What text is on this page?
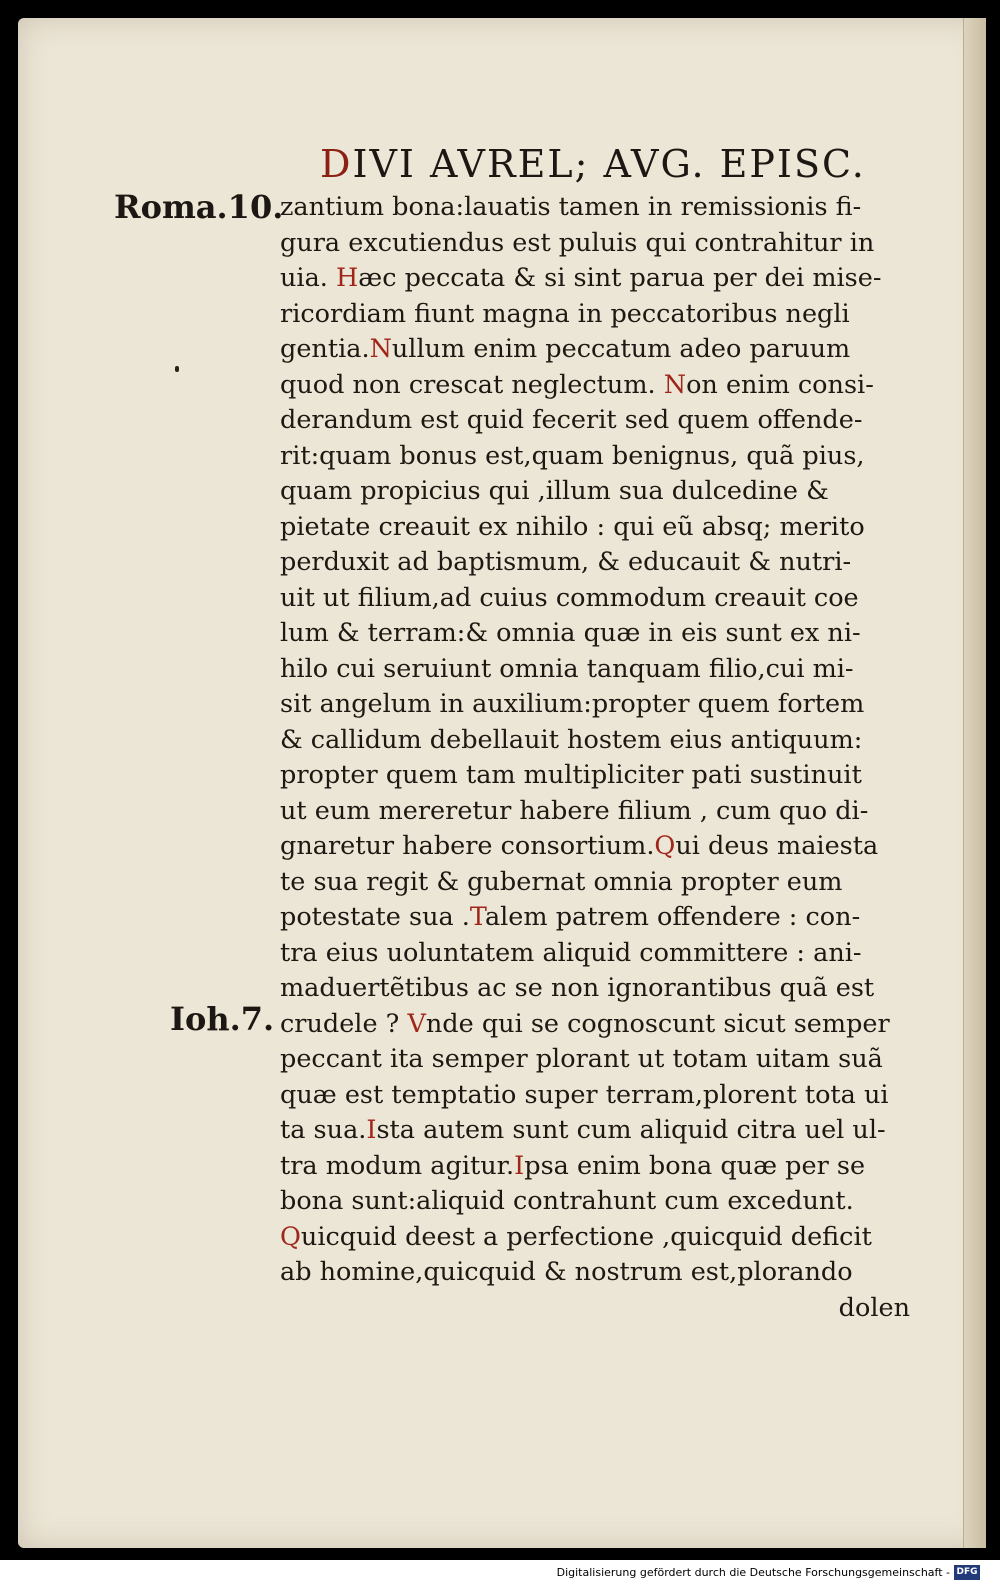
DIVI AVREL; AVG. EPISC.
Roma.10.
Ioh.7.
zantium bona:lauatis tamen in remissionis fi-
gura excutiendus est puluis qui contrahitur in
uia. Hæc peccata & si sint parua per dei mise-
ricordiam fiunt magna in peccatoribus negli
gentia.Nullum enim peccatum adeo paruum
quod non crescat neglectum. Non enim consi-
derandum est quid fecerit sed quem offende-
rit:quam bonus est,quam benignus, quã pius,
quam propicius qui ,illum sua dulcedine &
pietate creauit ex nihilo : qui eũ absq; merito
perduxit ad baptismum, & educauit & nutri-
uit ut filium,ad cuius commodum creauit coe
lum & terram:& omnia quæ in eis sunt ex ni-
hilo cui seruiunt omnia tanquam filio,cui mi-
sit angelum in auxilium:propter quem fortem
& callidum debellauit hostem eius antiquum:
propter quem tam multipliciter pati sustinuit
ut eum mereretur habere filium , cum quo di-
gnaretur habere consortium.Qui deus maiesta
te sua regit & gubernat omnia propter eum
potestate sua .Talem patrem offendere : con-
tra eius uoluntatem aliquid committere : ani-
maduertẽtibus ac se non ignorantibus quã est
crudele ? Vnde qui se cognoscunt sicut semper
peccant ita semper plorant ut totam uitam suã
quæ est temptatio super terram,plorent tota ui
ta sua.Ista autem sunt cum aliquid citra uel ul-
tra modum agitur.Ipsa enim bona quæ per se
bona sunt:aliquid contrahunt cum excedunt.
Quicquid deest a perfectione ,quicquid deficit
ab homine,quicquid & nostrum est,plorando
dolen
Digitalisierung gefördert durch die Deutsche Forschungsgemeinschaft - DFG
